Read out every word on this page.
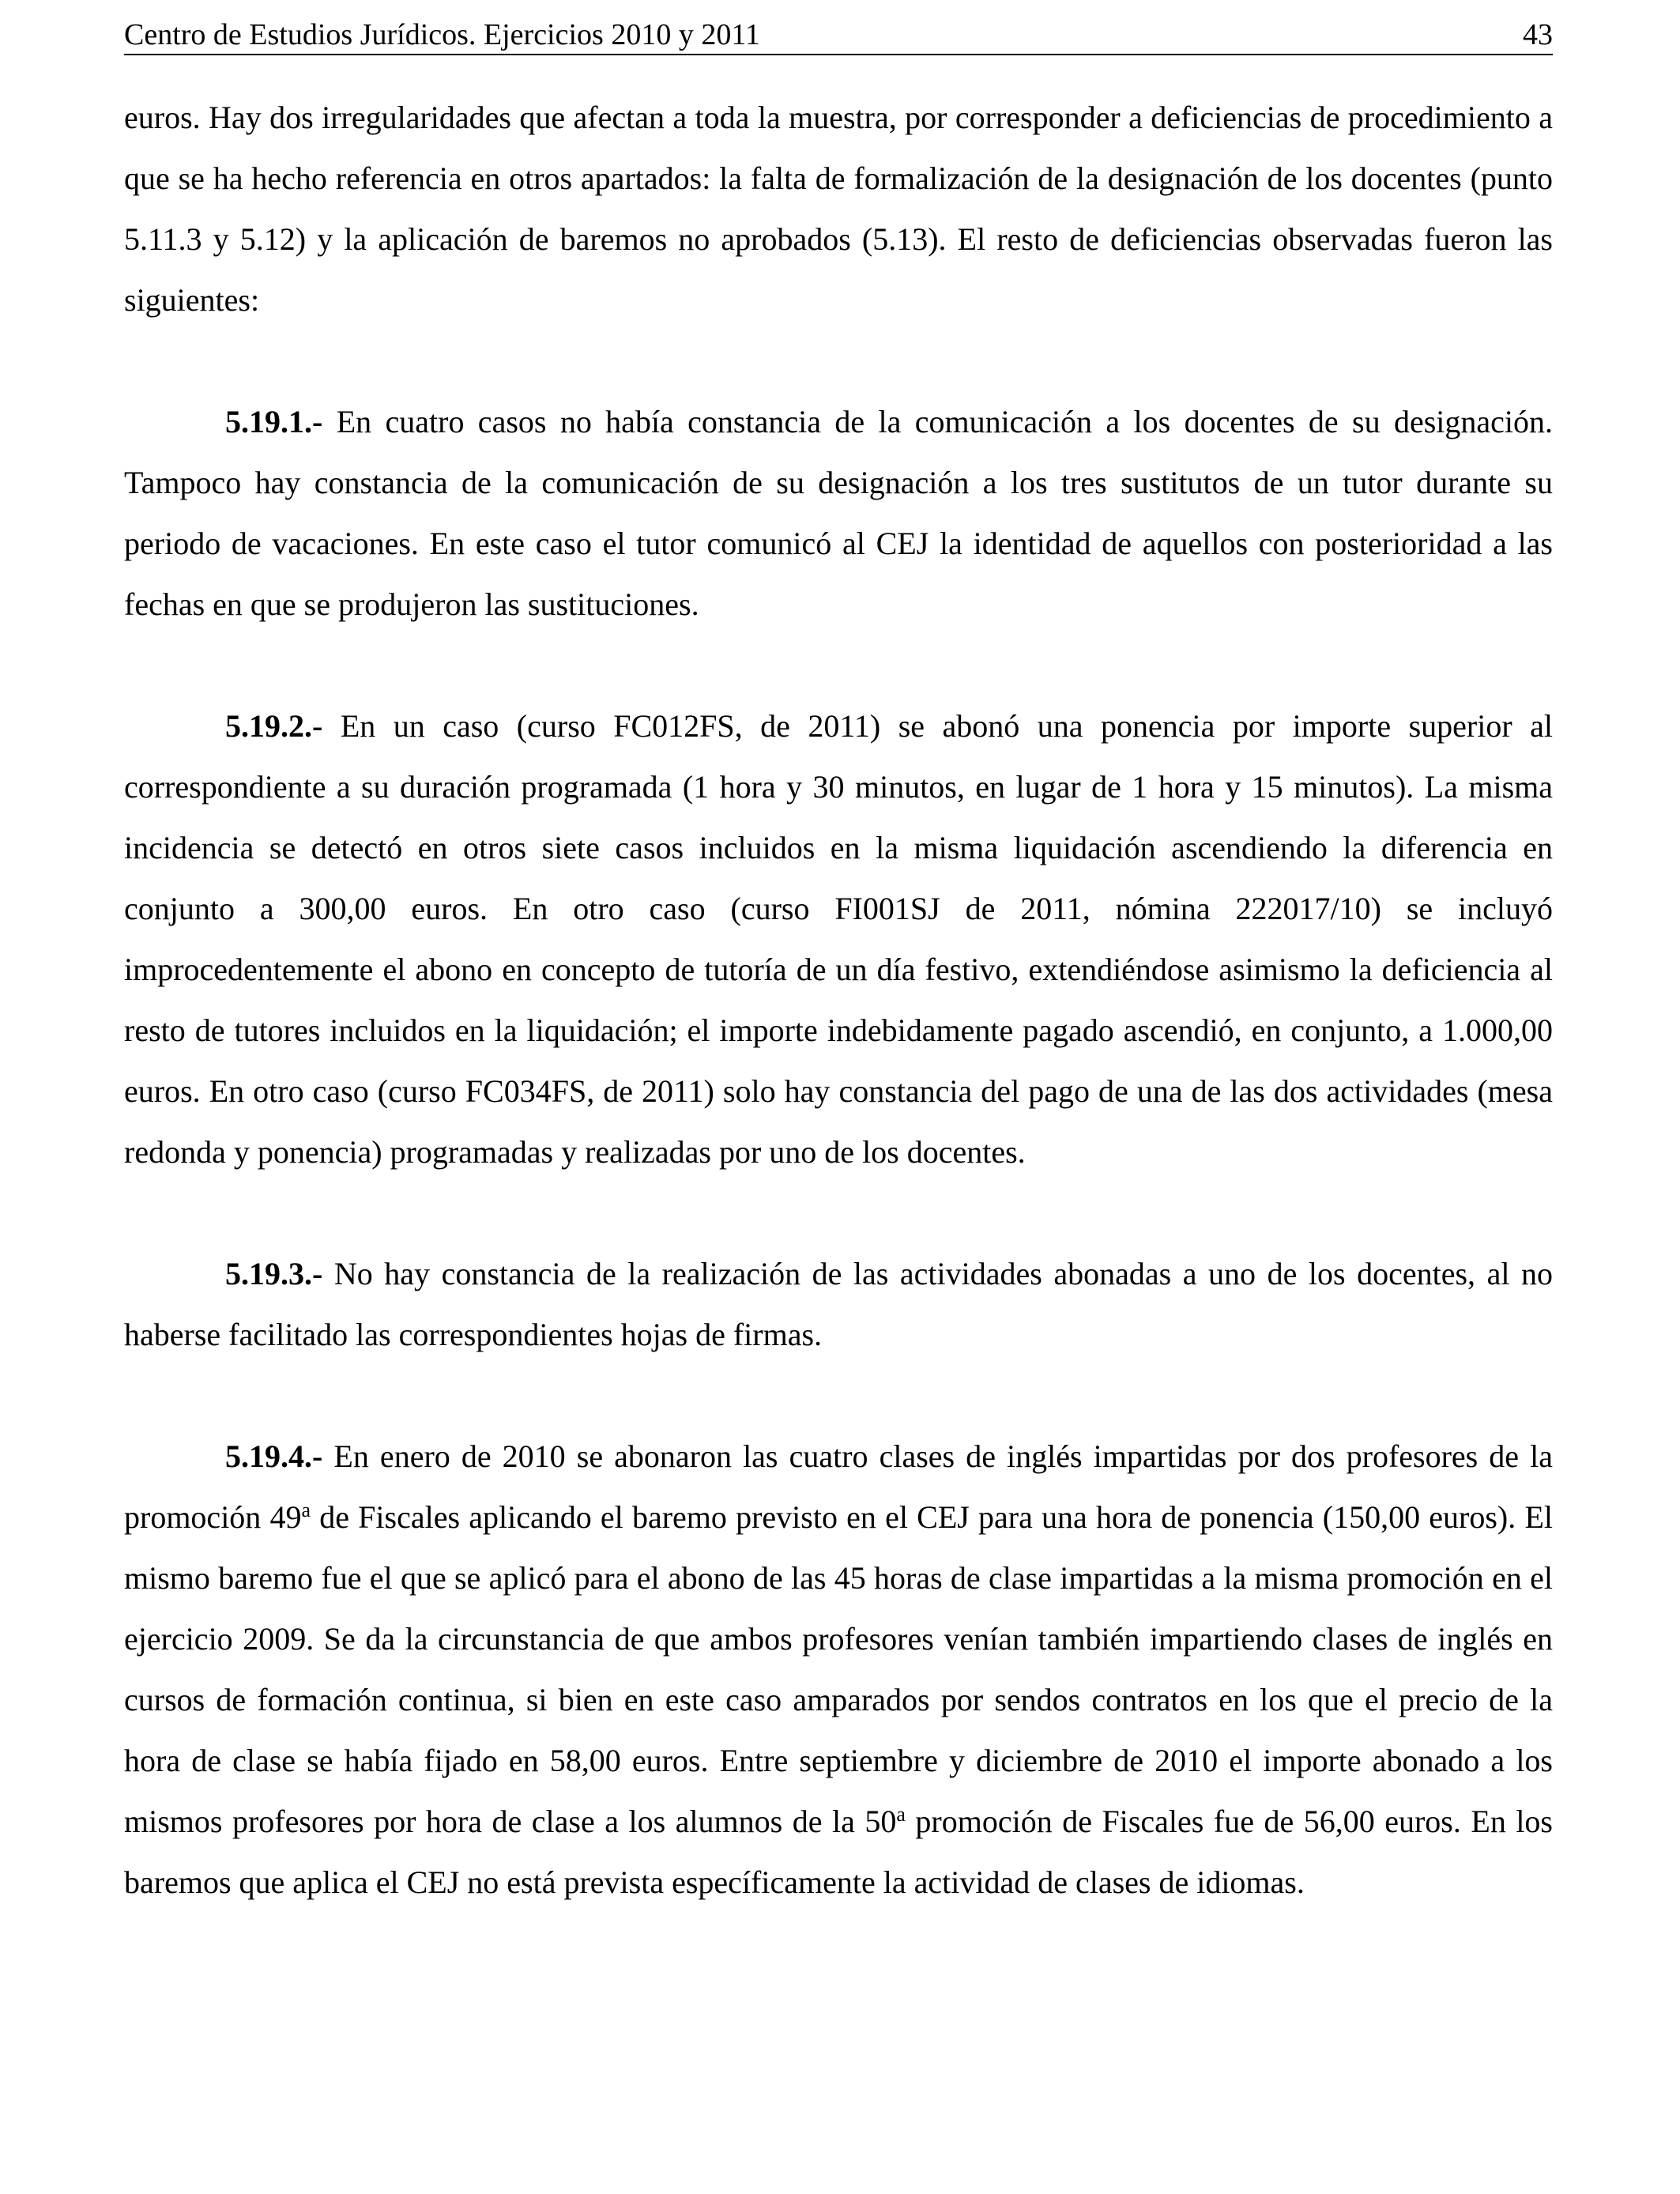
Centro de Estudios Jurídicos. Ejercicios 2010 y 2011	43

euros. Hay dos irregularidades que afectan a toda la muestra, por corresponder a deficiencias de procedimiento a que se ha hecho referencia en otros apartados: la falta de formalización de la designación de los docentes (punto 5.11.3 y 5.12) y la aplicación de baremos no aprobados (5.13). El resto de deficiencias observadas fueron las siguientes:

5.19.1.- En cuatro casos no había constancia de la comunicación a los docentes de su designación. Tampoco hay constancia de la comunicación de su designación a los tres sustitutos de un tutor durante su periodo de vacaciones. En este caso el tutor comunicó al CEJ la identidad de aquellos con posterioridad a las fechas en que se produjeron las sustituciones.

5.19.2.- En un caso (curso FC012FS, de 2011) se abonó una ponencia por importe superior al correspondiente a su duración programada (1 hora y 30 minutos, en lugar de 1 hora y 15 minutos). La misma incidencia se detectó en otros siete casos incluidos en la misma liquidación ascendiendo la diferencia en conjunto a 300,00 euros. En otro caso (curso FI001SJ de 2011, nómina 222017/10) se incluyó improcedentemente el abono en concepto de tutoría de un día festivo, extendiéndose asimismo la deficiencia al resto de tutores incluidos en la liquidación; el importe indebidamente pagado ascendió, en conjunto, a 1.000,00 euros. En otro caso (curso FC034FS, de 2011) solo hay constancia del pago de una de las dos actividades (mesa redonda y ponencia) programadas y realizadas por uno de los docentes.

5.19.3.- No hay constancia de la realización de las actividades abonadas a uno de los docentes, al no haberse facilitado las correspondientes hojas de firmas.

5.19.4.- En enero de 2010 se abonaron las cuatro clases de inglés impartidas por dos profesores de la promoción 49$^a$ de Fiscales aplicando el baremo previsto en el CEJ para una hora de ponencia (150,00 euros). El mismo baremo fue el que se aplicó para el abono de las 45 horas de clase impartidas a la misma promoción en el ejercicio 2009. Se da la circunstancia de que ambos profesores venían también impartiendo clases de inglés en cursos de formación continua, si bien en este caso amparados por sendos contratos en los que el precio de la hora de clase se había fijado en 58,00 euros. Entre septiembre y diciembre de 2010 el importe abonado a los mismos profesores por hora de clase a los alumnos de la 50$^a$ promoción de Fiscales fue de 56,00 euros. En los baremos que aplica el CEJ no está prevista específicamente la actividad de clases de idiomas.
